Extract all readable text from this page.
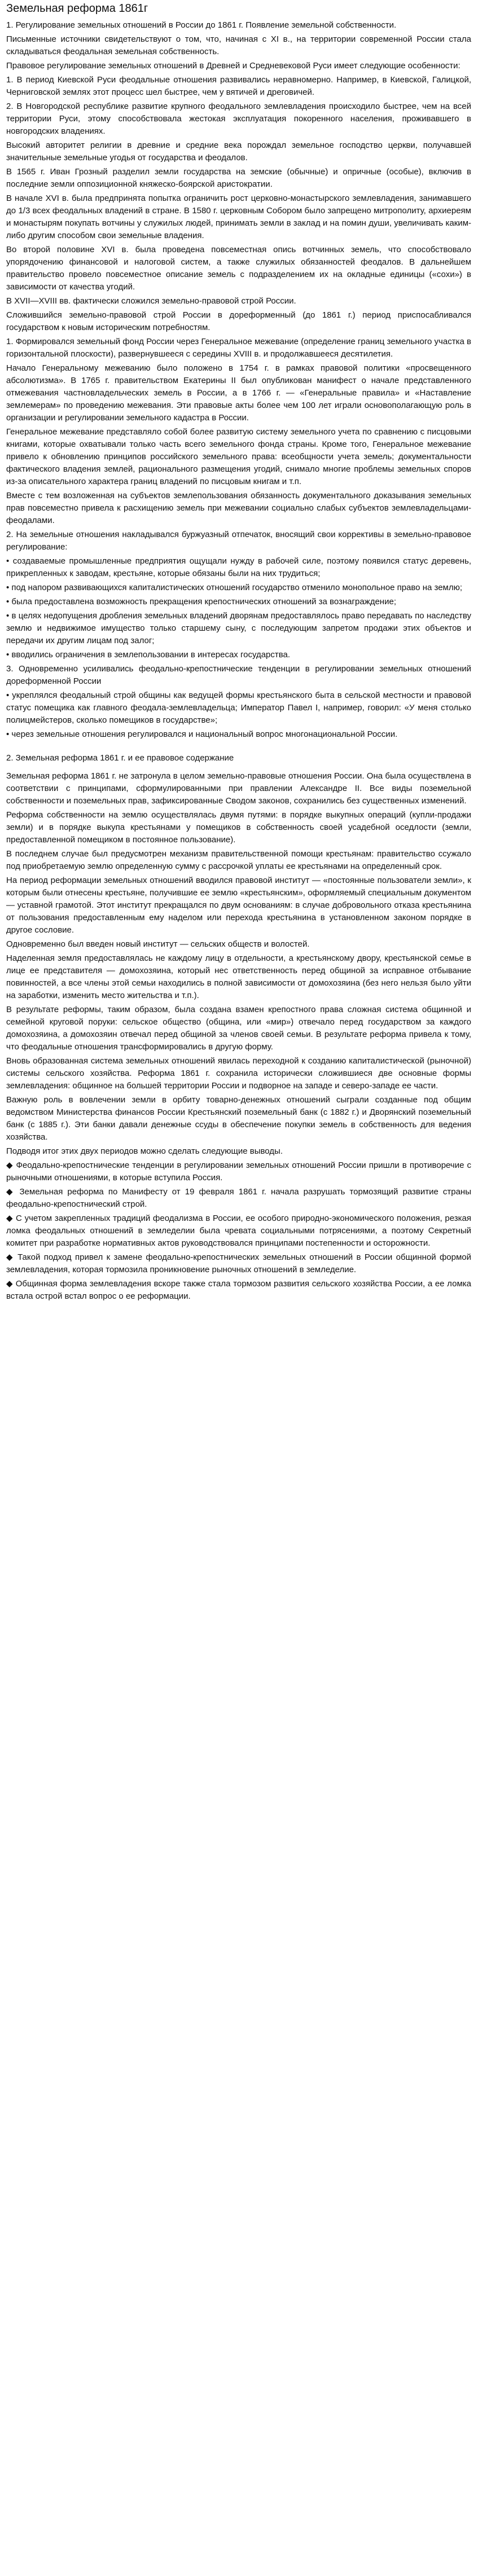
Земельная реформа 1861г

1. Регулирование земельных отношений в России до 1861 г. Появление земельной собственности.

Письменные источники свидетельствуют о том, что, начиная с XI в., на территории современной России стала складываться феодальная земельная собственность.

Правовое регулирование земельных отношений в Древней и Средневековой Руси имеет следующие особенности:

1. В период Киевской Руси феодальные отношения развивались неравномерно. Например, в Киевской, Галицкой, Черниговской землях этот процесс шел быстрее, чем у вятичей и дреговичей.

2. В Новгородской республике развитие крупного феодального землевладения происходило быстрее, чем на всей территории Руси, этому способствовала жестокая эксплуатация покоренного населения, проживавшего в новгородских владениях.

Высокий авторитет религии в древние и средние века порождал земельное господство церкви, получавшей значительные земельные угодья от государства и феодалов.

В 1565 г. Иван Грозный разделил земли государства на земские (обычные) и опричные (особые), включив в последние земли оппозиционной княжеско-боярской аристократии.

В начале XVI в. была предпринята попытка ограничить рост церковно-монастырского землевладения, занимавшего до 1/3 всех феодальных владений в стране. В 1580 г. церковным Собором было запрещено митрополиту, архиереям и монастырям покупать вотчины у служилых людей, принимать земли в заклад и на помин души, увеличивать каким-либо другим способом свои земельные владения.

Во второй половине XVI в. была проведена повсеместная опись вотчинных земель, что способствовало упорядочению финансовой и налоговой систем, а также служилых обязанностей феодалов. В дальнейшем правительство провело повсеместное описание земель с подразделением их на окладные единицы («сохи») в зависимости от качества угодий.

В XVII—XVIII вв. фактически сложился земельно-правовой строй России.

Сложившийся земельно-правовой строй России в дореформенный (до 1861 г.) период приспосабливался государством к новым историческим потребностям.

1. Формировался земельный фонд России через Генеральное межевание (определение границ земельного участка в горизонтальной плоскости), развернувшееся с середины XVIII в. и продолжавшееся десятилетия.

Начало Генеральному межеванию было положено в 1754 г. в рамках правовой политики «просвещенного абсолютизма». В 1765 г. правительством Екатерины II был опубликован манифест о начале представленного отмежевания частновладельческих земель в России, а в 1766 г. — «Генеральные правила» и «Наставление землемерам» по проведению межевания. Эти правовые акты более чем 100 лет играли основополагающую роль в организации и регулировании земельного кадастра в России.

Генеральное межевание представляло собой более развитую систему земельного учета по сравнению с писцовыми книгами, которые охватывали только часть всего земельного фонда страны. Кроме того, Генеральное межевание привело к обновлению принципов российского земельного права: всеобщности учета земель; документальности фактического владения землей, рационального размещения угодий, снимало многие проблемы земельных споров из-за описательного характера границ владений по писцовым книгам и т.п.

Вместе с тем возложенная на субъектов землепользования обязанность документального доказывания земельных прав повсеместно привела к расхищению земель при межевании социально слабых субъектов землевладельцами-феодалами.

2. На земельные отношения накладывался буржуазный отпечаток, вносящий свои коррективы в земельно-правовое регулирование:

• создаваемые промышленные предприятия ощущали нужду в рабочей силе, поэтому появился статус деревень, прикрепленных к заводам, крестьяне, которые обязаны были на них трудиться;

• под напором развивающихся капиталистических отношений государство отменило монопольное право на землю;

• была предоставлена возможность прекращения крепостнических отношений за вознаграждение;

• в целях недопущения дробления земельных владений дворянам предоставлялось право передавать по наследству землю и недвижимое имущество только старшему сыну, с последующим запретом продажи этих объектов и передачи их другим лицам под залог;

• вводились ограничения в землепользовании в интересах государства.

3. Одновременно усиливались феодально-крепостнические тенденции в регулировании земельных отношений дореформенной России

• укреплялся феодальный строй общины как ведущей формы крестьянского быта в сельской местности и правовой статус помещика как главного феодала-землевладельца; Император Павел I, например, говорил: «У меня столько полицмейстеров, сколько помещиков в государстве»;

• через земельные отношения регулировался и национальный вопрос многонациональной России.

2. Земельная реформа 1861 г. и ее правовое содержание

Земельная реформа 1861 г. не затронула в целом земельно-правовые отношения России. Она была осуществлена в соответствии с принципами, сформулированными при правлении Александре II. Все виды поземельной собственности и поземельных прав, зафиксированные Сводом законов, сохранились без существенных изменений.

Реформа собственности на землю осуществлялась двумя путями: в порядке выкупных операций (купли-продажи земли) и в порядке выкупа крестьянами у помещиков в собственность своей усадебной оседлости (земли, предоставленной помещиком в постоянное пользование).

В последнем случае был предусмотрен механизм правительственной помощи крестьянам: правительство ссужало под приобретаемую землю определенную сумму с рассрочкой уплаты ее крестьянами на определенный срок.

На период реформации земельных отношений вводился правовой институт — «постоянные пользователи земли», к которым были отнесены крестьяне, получившие ее землю «крестьянским», оформляемый специальным документом — уставной грамотой. Этот институт прекращался по двум основаниям: в случае добровольного отказа крестьянина от пользования предоставленным ему наделом или перехода крестьянина в установленном законом порядке в другое сословие.

Одновременно был введен новый институт — сельских обществ и волостей.

Наделенная земля предоставлялась не каждому лицу в отдельности, а крестьянскому двору, крестьянской семье в лице ее представителя — домохозяина, который нес ответственность перед общиной за исправное отбывание повинностей, а все члены этой семьи находились в полной зависимости от домохозяина (без него нельзя было уйти на заработки, изменить место жительства и т.п.).

В результате реформы, таким образом, была создана взамен крепостного права сложная система общинной и семейной круговой поруки: сельское общество (община, или «мир») отвечало перед государством за каждого домохозяина, а домохозяин отвечал перед общиной за членов своей семьи. В результате реформа привела к тому, что феодальные отношения трансформировались в другую форму.

Вновь образованная система земельных отношений явилась переходной к созданию капиталистической (рыночной) системы сельского хозяйства. Реформа 1861 г. сохранила исторически сложившиеся две основные формы землевладения: общинное на большей территории России и подворное на западе и северо-западе ее части.

Важную роль в вовлечении земли в орбиту товарно-денежных отношений сыграли созданные под общим ведомством Министерства финансов России Крестьянский поземельный банк (с 1882 г.) и Дворянский поземельный банк (с 1885 г.). Эти банки давали денежные ссуды в обеспечение покупки земель в собственность для ведения хозяйства.

Подводя итог этих двух периодов можно сделать следующие выводы.

◆ Феодально-крепостнические тенденции в регулировании земельных отношений России пришли в противоречие с рыночными отношениями, в которые вступила Россия.

◆ Земельная реформа по Манифесту от 19 февраля 1861 г. начала разрушать тормозящий развитие страны феодально-крепостнический строй.

◆ С учетом закрепленных традиций феодализма в России, ее особого природно-экономического положения, резкая ломка феодальных отношений в земледелии была чревата социальными потрясениями, а поэтому Секретный комитет при разработке нормативных актов руководствовался принципами постепенности и осторожности.

◆ Такой подход привел к замене феодально-крепостнических земельных отношений в России общинной формой землевладения, которая тормозила проникновение рыночных отношений в земледелие.

◆ Общинная форма землевладения вскоре также стала тормозом развития сельского хозяйства России, а ее ломка встала острой встал вопрос о ее реформации.
